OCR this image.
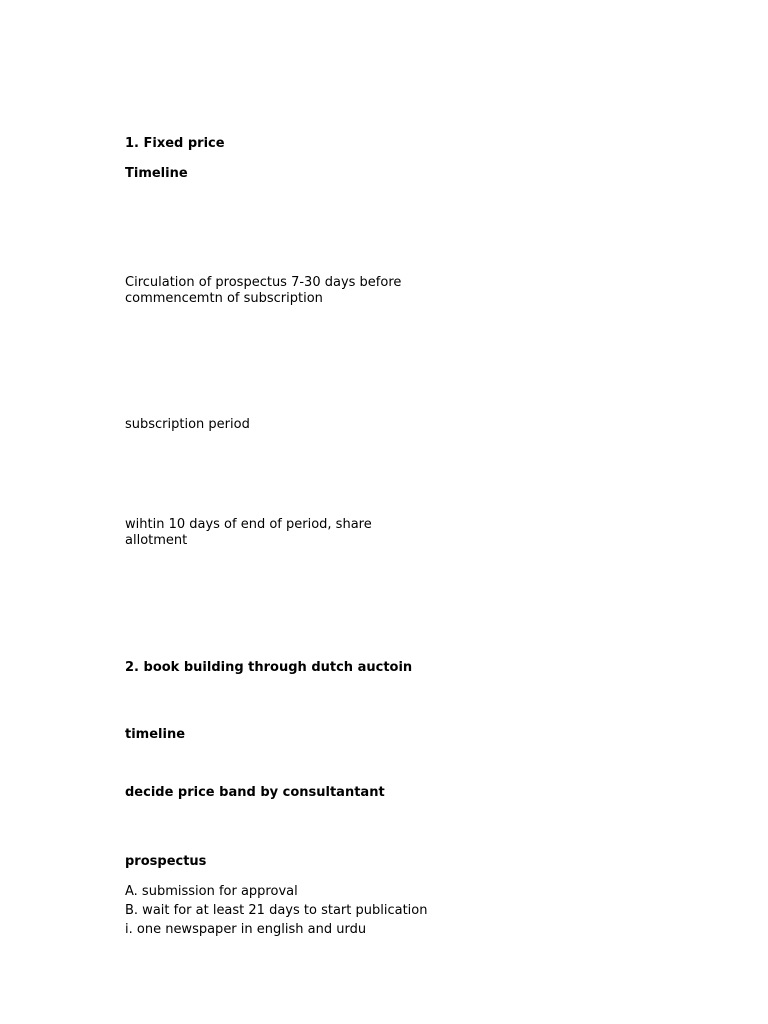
1. Fixed price

Timeline

Circulation of prospectus 7-30 days before commencemtn of subscription

subscription period

wihtin 10 days of end of period, share allotment

2. book building through dutch auctoin

timeline

decide price band by consultantant

prospectus

A. submission for approval

B. wait for at least 21 days to start publication

i. one newspaper in english and urdu
